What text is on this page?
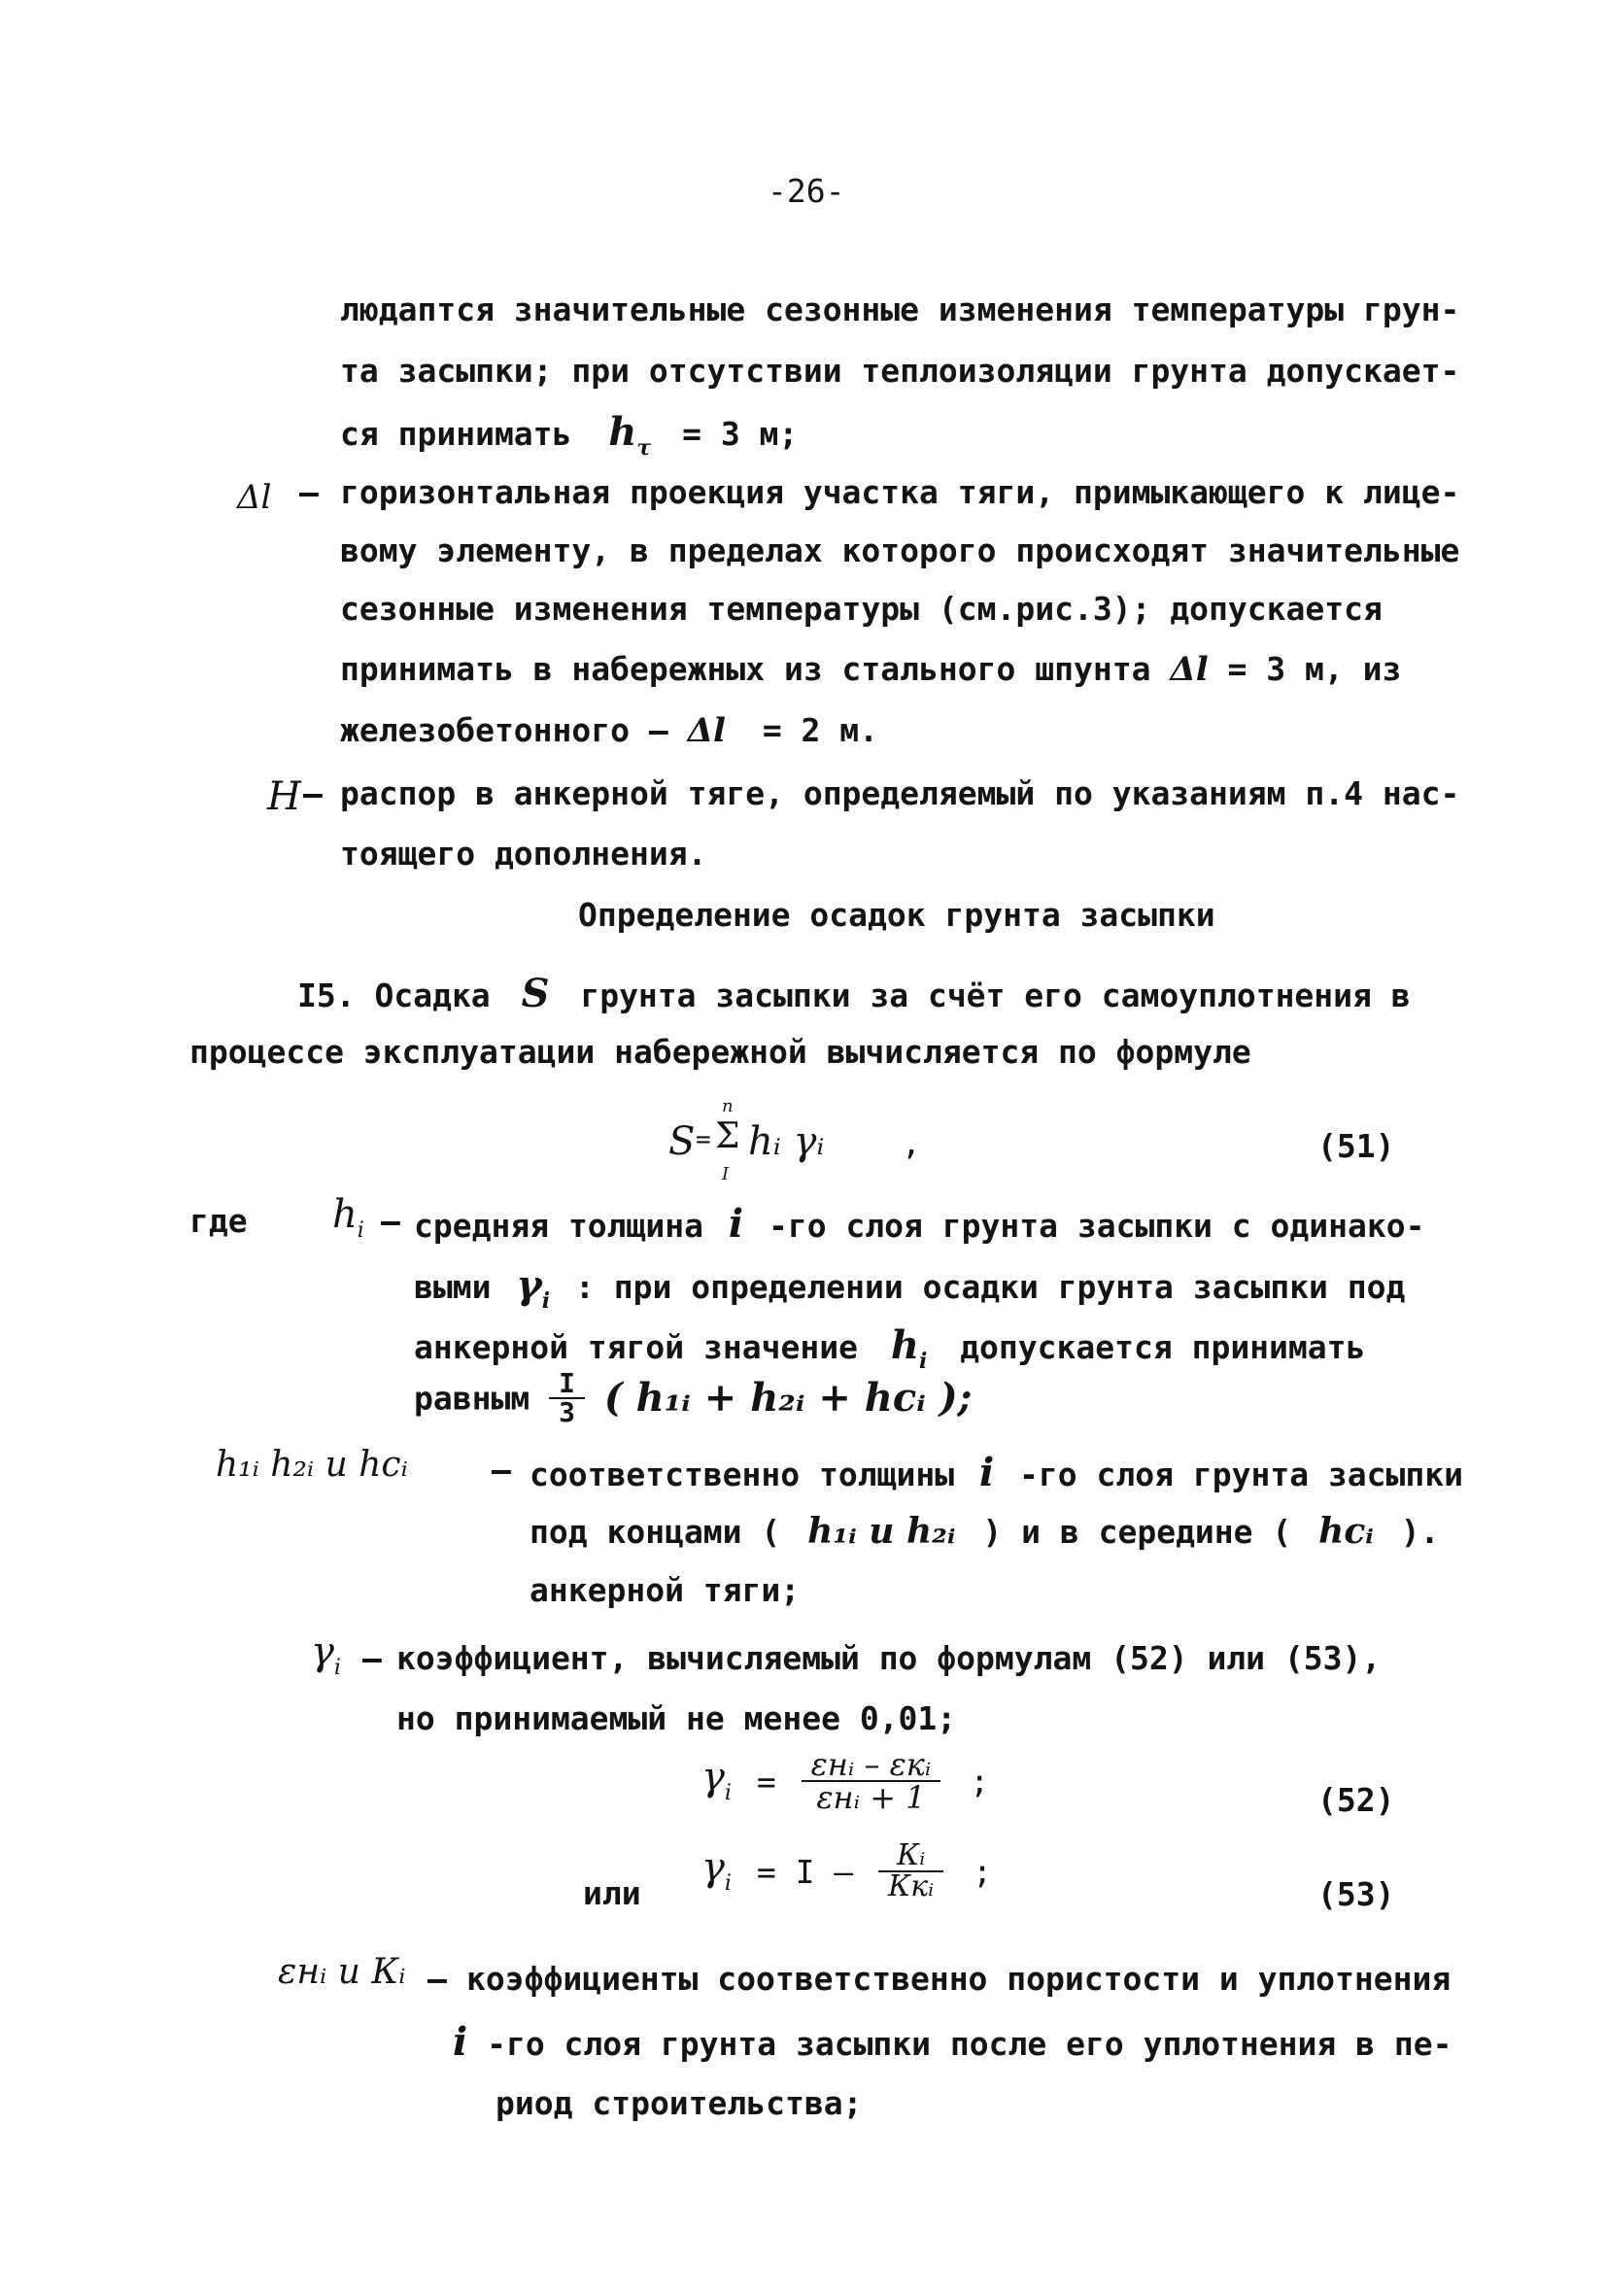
-26-
людаптся значительные сезонные изменения температуры грун-
та засыпки; при отсутствии теплоизоляции грунта допускает-
ся принимать $h_\tau = 3$ м;
Δl – горизонтальная проекция участка тяги, примыкающего к лице-
вому элементу, в пределах которого происходят значительные
сезонные изменения температуры (см.рис.3); допускается
принимать в набережных из стального шпунта Δl = 3 м, из
железобетонного – Δl = 2 м.
H – распор в анкерной тяге, определяемый по указаниям п.4 нас-
тоящего дополнения.
Определение осадок грунта засыпки
I5. Осадка S грунта засыпки за счёт его самоуплотнения в
процессе эксплуатации набережной вычисляется по формуле
S =
n
Σ
I
hᵢ γᵢ ,	(51)
где $h_i$ – средняя толщина i -го слоя грунта засыпки с одинако-
выми $\gamma_i$ : при определении осадки грунта засыпки под
анкерной тягой значение $h_i$ допускается принимать
равным $\frac{I}{3}$ ( h₁ᵢ + h₂ᵢ + hcᵢ );
h₁ᵢ h₂ᵢ и hcᵢ	– соответственно толщины i -го слоя грунта засыпки
под концами ( h₁ᵢ и h₂ᵢ ) и в середине ( hcᵢ ).
анкерной тяги;
$\gamma_i$ – коэффициент, вычисляемый по формулам (52) или (53),
но принимаемый не менее 0,01;
$\gamma_i = \frac{\text{εнᵢ – εкᵢ}}{\text{εнᵢ + 1}}$ ;	(52)
или
$\gamma_i = I - \frac{\text{Кᵢ}}{\text{Ккᵢ}}$ ;
(53)
εнᵢ и Кᵢ – коэффициенты соответственно пористости и уплотнения
i -го слоя грунта засыпки после его уплотнения в пе-
риод строительства;
